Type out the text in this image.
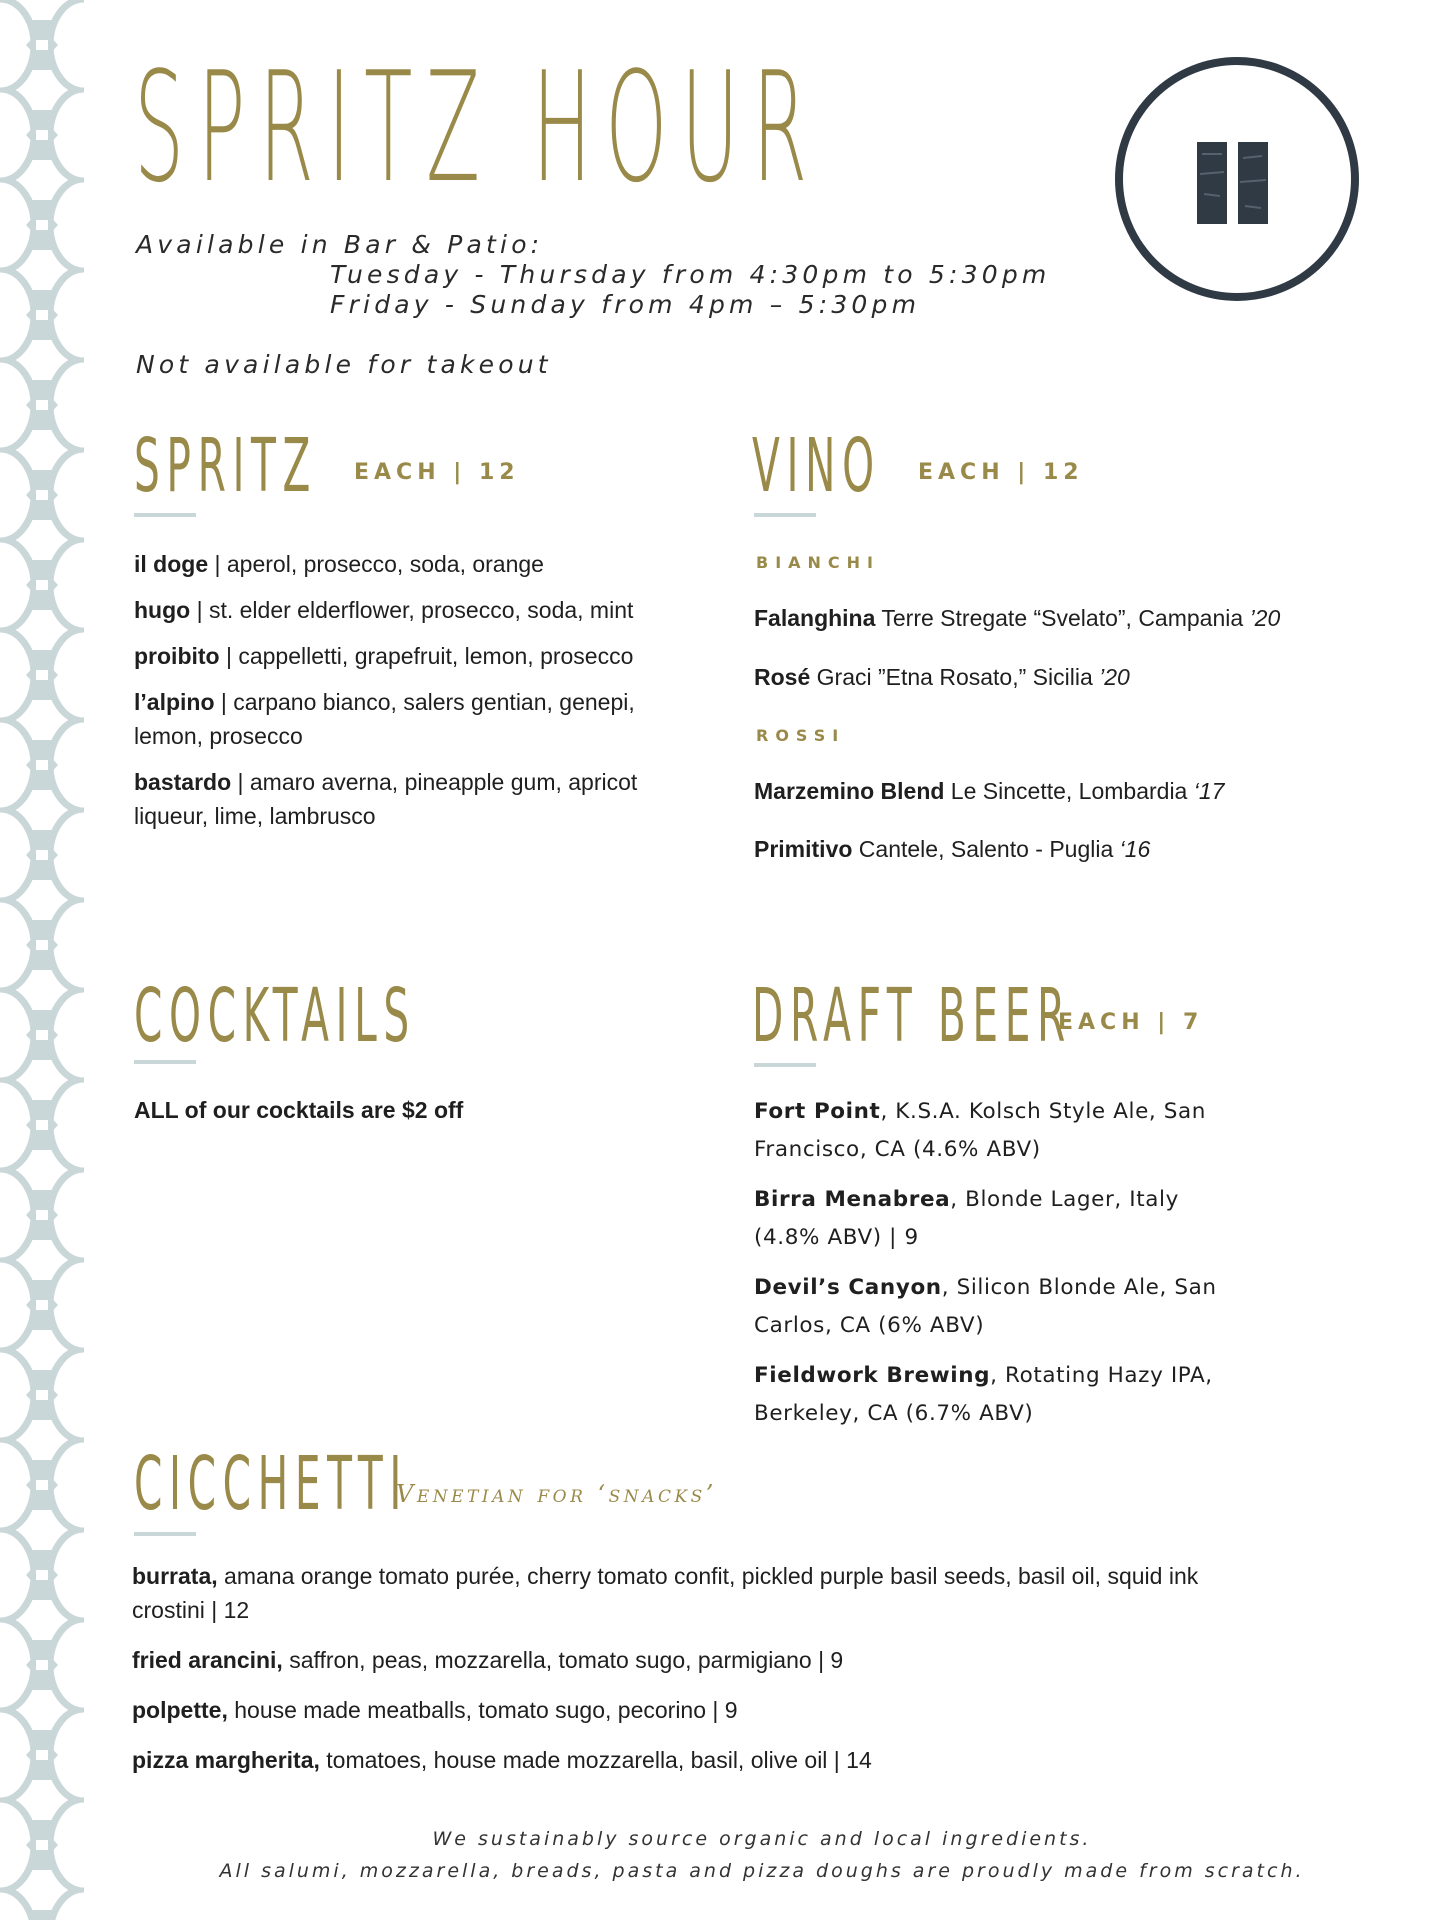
SPRITZ HOUR
Available in Bar & Patio:
Tuesday - Thursday from 4:30pm to 5:30pm
Friday - Sunday from 4pm – 5:30pm
Not available for takeout
SPRITZ EACH | 12
il doge | aperol, prosecco, soda, orange
hugo | st. elder elderflower, prosecco, soda, mint
proibito | cappelletti, grapefruit, lemon, prosecco
l’alpino | carpano bianco, salers gentian, genepi, lemon, prosecco
bastardo | amaro averna, pineapple gum, apricot liqueur, lime, lambrusco
VINO EACH | 12
BIANCHI
Falanghina Terre Stregate “Svelato”, Campania ’20
Rosé Graci ”Etna Rosato,” Sicilia ’20
ROSSI
Marzemino Blend Le Sincette, Lombardia ‘17
Primitivo Cantele, Salento - Puglia ‘16
COCKTAILS
ALL of our cocktails are $2 off
DRAFT BEER
EACH | 7
Fort Point, K.S.A. Kolsch Style Ale, San Francisco, CA (4.6% ABV)
Birra Menabrea, Blonde Lager, Italy (4.8% ABV) | 9
Devil’s Canyon, Silicon Blonde Ale, San Carlos, CA (6% ABV)
Fieldwork Brewing, Rotating Hazy IPA, Berkeley, CA (6.7% ABV)
CICCHETTI
Venetian for ‘snacks’
burrata, amana orange tomato purée, cherry tomato confit, pickled purple basil seeds, basil oil, squid ink crostini | 12
fried arancini, saffron, peas, mozzarella, tomato sugo, parmigiano | 9
polpette, house made meatballs, tomato sugo, pecorino | 9
pizza margherita, tomatoes, house made mozzarella, basil, olive oil | 14
We sustainably source organic and local ingredients.
All salumi, mozzarella, breads, pasta and pizza doughs are proudly made from scratch.
